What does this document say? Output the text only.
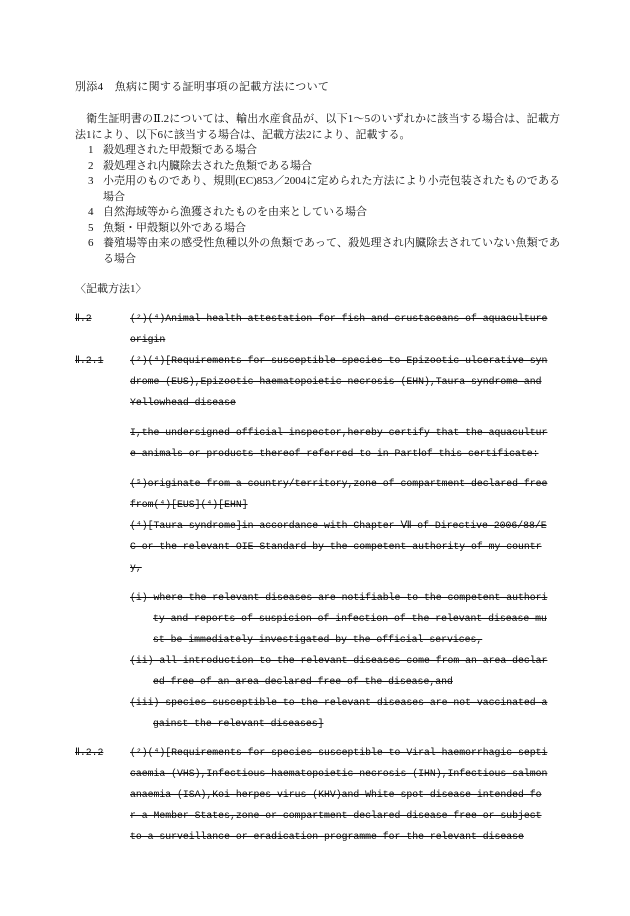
別添4　魚病に関する証明事項の記載方法について

　衛生証明書のⅡ.2については、輸出水産食品が、以下1〜5のいずれかに該当する場合は、記載方法1により、以下6に該当する場合は、記載方法2により、記載する。

1 殺処理された甲殻類である場合
2 殺処理され内臓除去された魚類である場合
3 小売用のものであり、規則(EC)853／2004に定められた方法により小売包装されたものである場合
4 自然海域等から漁獲されたものを由来としている場合
5 魚類・甲殻類以外である場合
6 養殖場等由来の感受性魚種以外の魚類であって、殺処理され内臓除去されていない魚類である場合
〈記載方法1〉
Ⅱ.2	(²)(⁴)Animal health attestation for fish and crustaceans of aquaculture
origin
Ⅱ.2.1	(²)(⁴)[Requirements for susceptible species to Epizootic ulcerative syn
drome (EUS),Epizootic haematopoietic necrosis (EHN),Taura syndrome and
Yellowhead disease
I,the undersigned official inspector,hereby certify that the aquacultur
e animals or products thereof referred to in PartⅠof this certificate:
(⁵)originate from a country/territory,zone of compartment declared free
from(⁴)[EUS](⁴)[EHN]
(⁴)[Taura syndrome]in accordance with Chapter Ⅶ of Directive 2006/88/E
C or the relevant OIE Standard by the competent authority of my countr
y,
(i) where the relevant diseases are notifiable to the competent authori
ty and reports of suspicion of infection of the relevant disease mu
st be immediately investigated by the official services,
(ii) all introduction to the relevant diseases come from an area declar
ed free of an area declared free of the disease,and
(iii) species susceptible to the relevant diseases are not vaccinated a
gainst the relevant diseases]
Ⅱ.2.2	(²)(⁴)[Requirements for species susceptible to Viral haemorrhagic septi
caemia (VHS),Infectious haematopoietic necrosis (IHN),Infectious salmon
anaemia (ISA),Koi herpes virus (KHV)and White spot disease intended fo
r a Member States,zone or compartment declared disease free or subject
to a surveillance or eradication programme for the relevant disease
